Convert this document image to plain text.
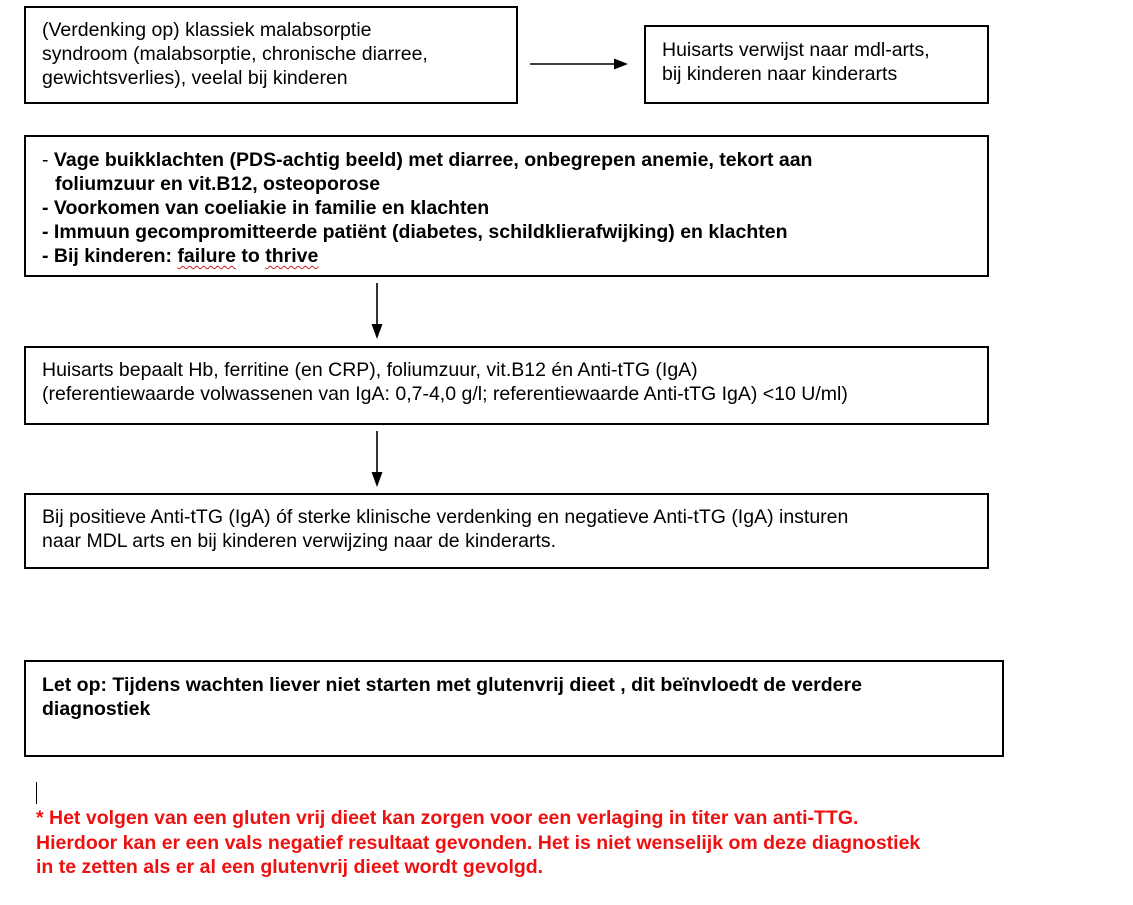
(Verdenking op) klassiek malabsorptie
syndroom (malabsorptie, chronische diarree,
gewichtsverlies), veelal bij kinderen
Huisarts verwijst naar mdl-arts,
bij kinderen naar kinderarts
- Vage buikklachten (PDS-achtig beeld) met diarree, onbegrepen anemie, tekort aan
foliumzuur en vit.B12, osteoporose
- Voorkomen van coeliakie in familie en klachten
- Immuun gecompromitteerde patiënt (diabetes, schildklierafwijking) en klachten
- Bij kinderen: failure to thrive
Huisarts bepaalt Hb, ferritine (en CRP), foliumzuur, vit.B12 én Anti-tTG (IgA)
(referentiewaarde volwassenen van IgA: 0,7-4,0 g/l; referentiewaarde Anti-tTG IgA) <10 U/ml)
Bij positieve Anti-tTG (IgA) óf sterke klinische verdenking en negatieve Anti-tTG (IgA) insturen
naar MDL arts en bij kinderen verwijzing naar de kinderarts.
Let op: Tijdens wachten liever niet starten met glutenvrij dieet , dit beïnvloedt de verdere
diagnostiek
* Het volgen van een gluten vrij dieet kan zorgen voor een verlaging in titer van anti-TTG.
Hierdoor kan er een vals negatief resultaat gevonden. Het is niet wenselijk om deze diagnostiek
in te zetten als er al een glutenvrij dieet wordt gevolgd.
